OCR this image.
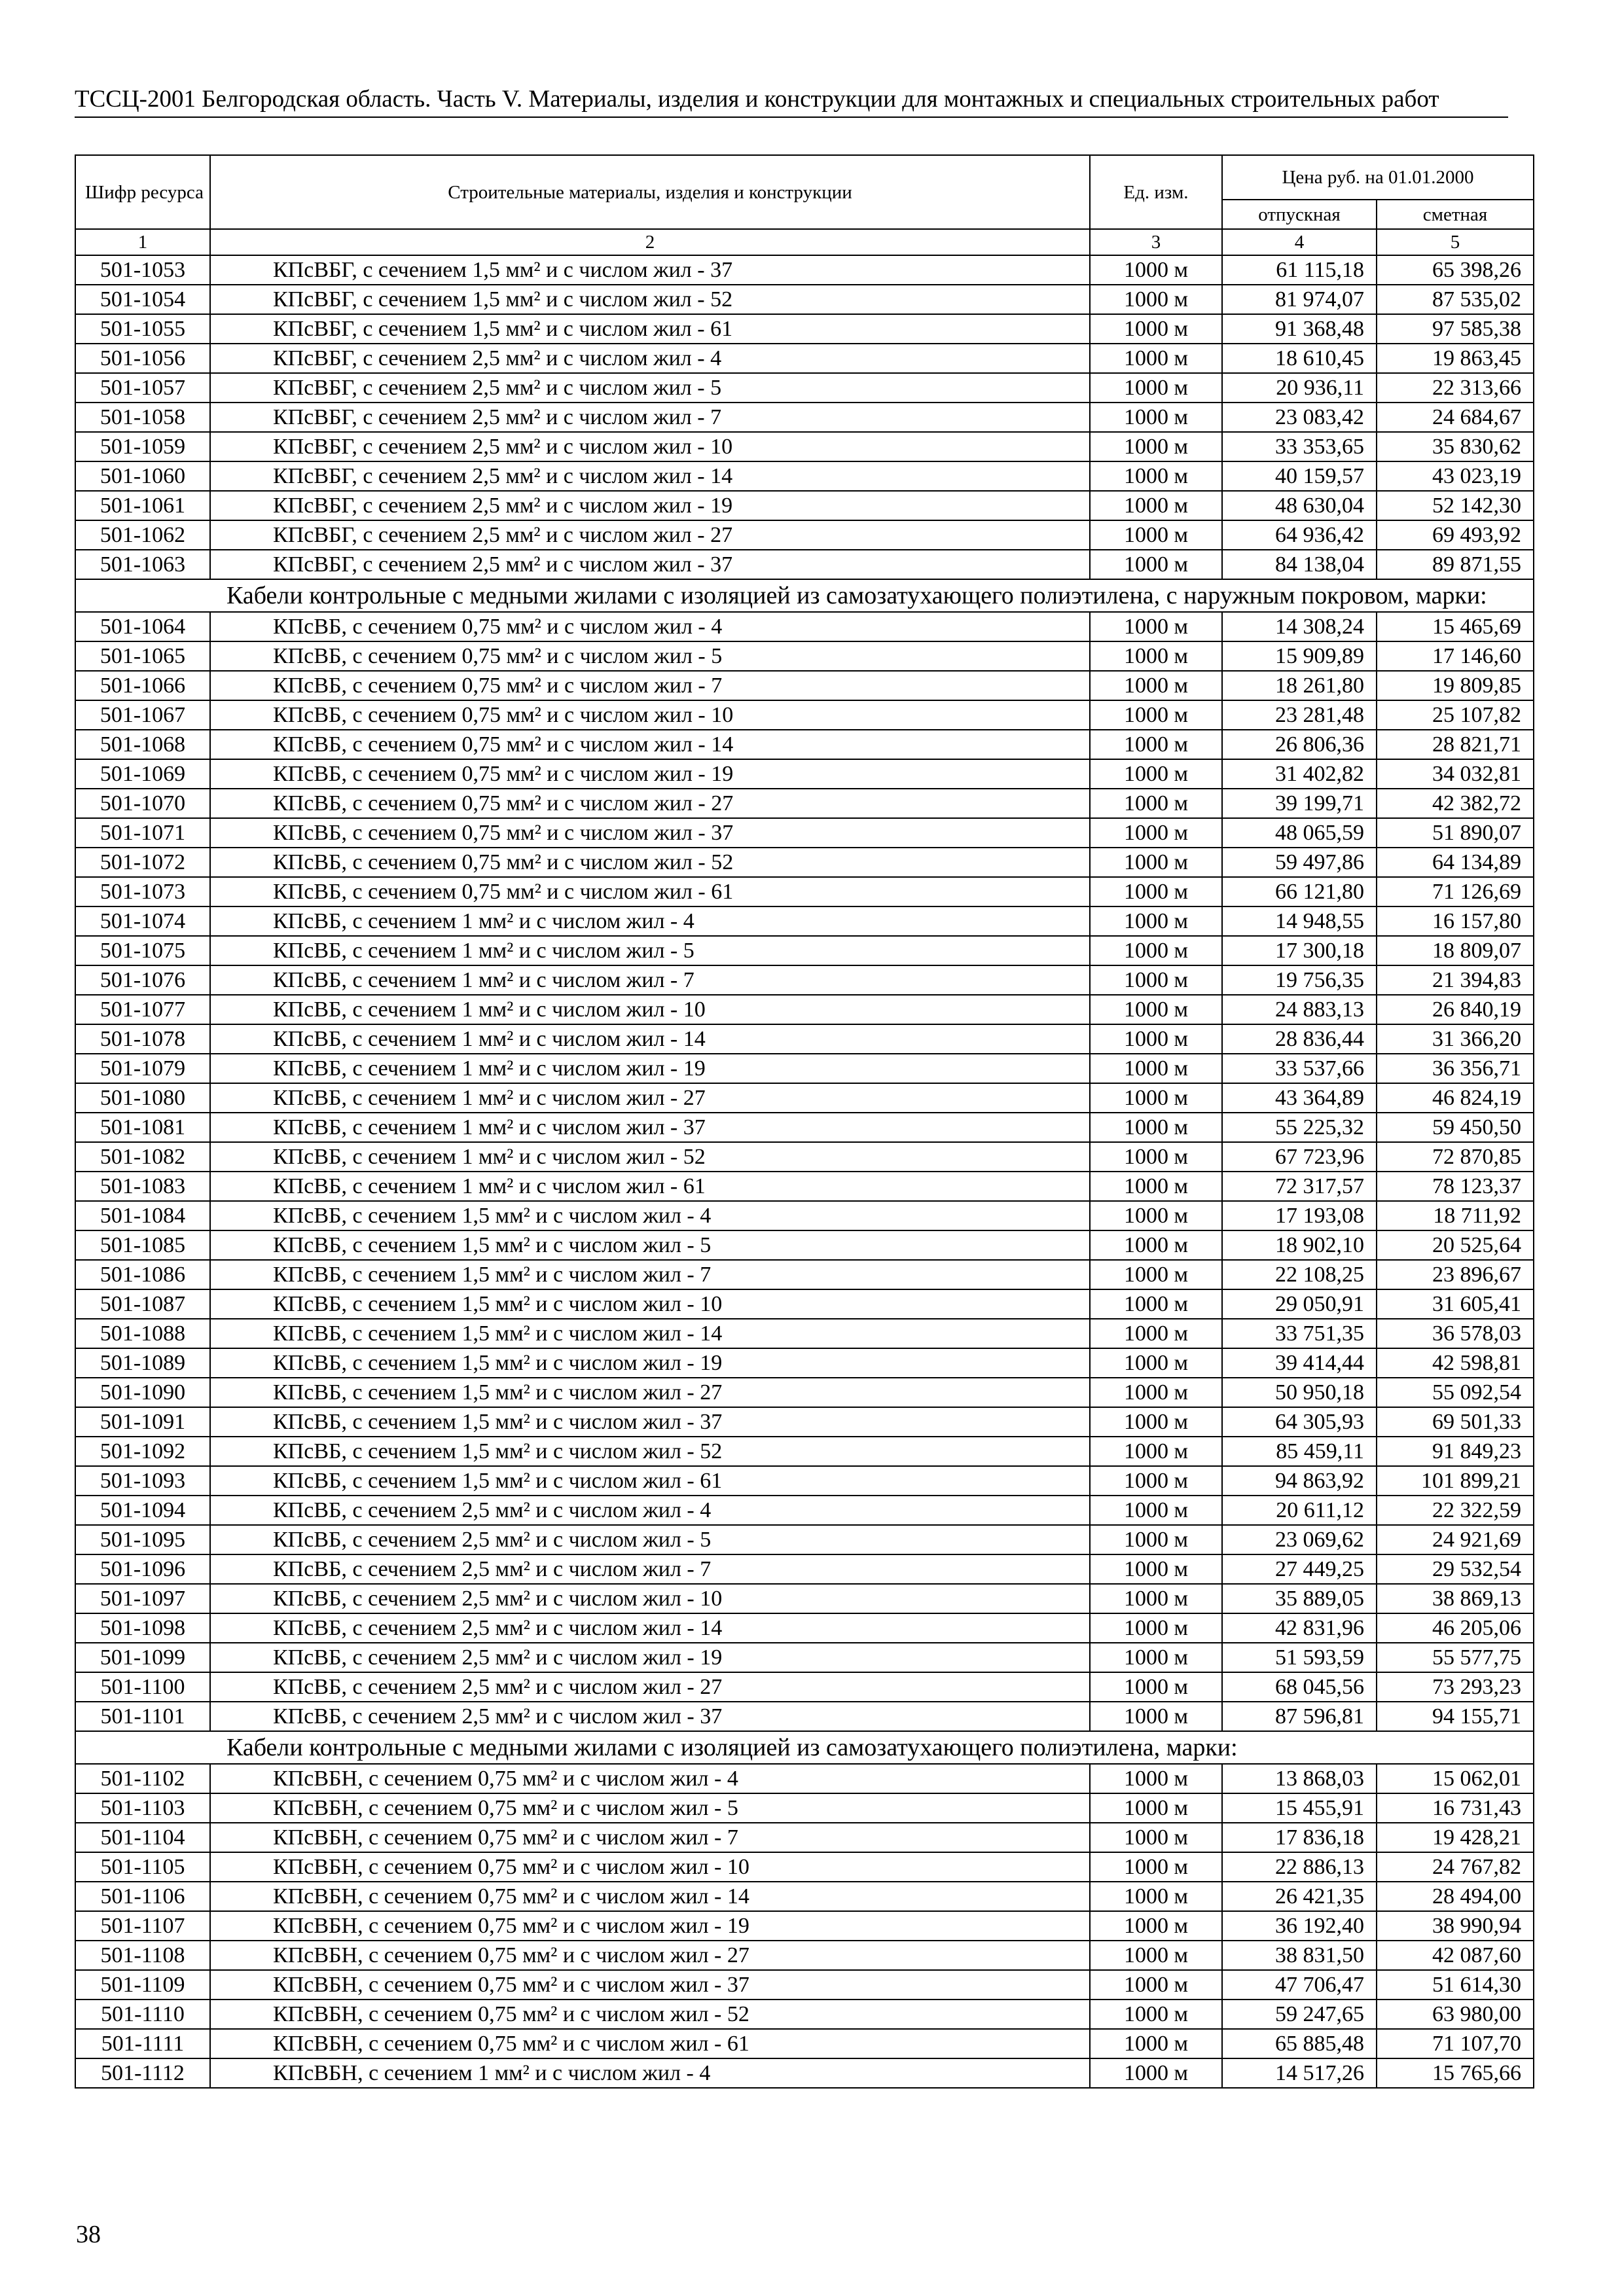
ТССЦ-2001 Белгородская область. Часть V. Материалы, изделия и конструкции для монтажных и специальных строительных работ
Шифр ресурса	Строительные материалы, изделия и конструкции	Ед. изм.	Цена руб. на 01.01.2000	
			отпускная	сметная
1	2	3	4	5
501-1053	КПсВБГ, с сечением 1,5 мм² и с числом жил - 37	1000 м	61 115,18	65 398,26
501-1054	КПсВБГ, с сечением 1,5 мм² и с числом жил - 52	1000 м	81 974,07	87 535,02
501-1055	КПсВБГ, с сечением 1,5 мм² и с числом жил - 61	1000 м	91 368,48	97 585,38
501-1056	КПсВБГ, с сечением 2,5 мм² и с числом жил - 4	1000 м	18 610,45	19 863,45
501-1057	КПсВБГ, с сечением 2,5 мм² и с числом жил - 5	1000 м	20 936,11	22 313,66
501-1058	КПсВБГ, с сечением 2,5 мм² и с числом жил - 7	1000 м	23 083,42	24 684,67
501-1059	КПсВБГ, с сечением 2,5 мм² и с числом жил - 10	1000 м	33 353,65	35 830,62
501-1060	КПсВБГ, с сечением 2,5 мм² и с числом жил - 14	1000 м	40 159,57	43 023,19
501-1061	КПсВБГ, с сечением 2,5 мм² и с числом жил - 19	1000 м	48 630,04	52 142,30
501-1062	КПсВБГ, с сечением 2,5 мм² и с числом жил - 27	1000 м	64 936,42	69 493,92
501-1063	КПсВБГ, с сечением 2,5 мм² и с числом жил - 37	1000 м	84 138,04	89 871,55
Кабели контрольные с медными жилами с изоляцией из самозатухающего полиэтилена, с наружным покровом, марки:				
501-1064	КПсВБ, с сечением 0,75 мм² и с числом жил - 4	1000 м	14 308,24	15 465,69
501-1065	КПсВБ, с сечением 0,75 мм² и с числом жил - 5	1000 м	15 909,89	17 146,60
501-1066	КПсВБ, с сечением 0,75 мм² и с числом жил - 7	1000 м	18 261,80	19 809,85
501-1067	КПсВБ, с сечением 0,75 мм² и с числом жил - 10	1000 м	23 281,48	25 107,82
501-1068	КПсВБ, с сечением 0,75 мм² и с числом жил - 14	1000 м	26 806,36	28 821,71
501-1069	КПсВБ, с сечением 0,75 мм² и с числом жил - 19	1000 м	31 402,82	34 032,81
501-1070	КПсВБ, с сечением 0,75 мм² и с числом жил - 27	1000 м	39 199,71	42 382,72
501-1071	КПсВБ, с сечением 0,75 мм² и с числом жил - 37	1000 м	48 065,59	51 890,07
501-1072	КПсВБ, с сечением 0,75 мм² и с числом жил - 52	1000 м	59 497,86	64 134,89
501-1073	КПсВБ, с сечением 0,75 мм² и с числом жил - 61	1000 м	66 121,80	71 126,69
501-1074	КПсВБ, с сечением 1 мм² и с числом жил - 4	1000 м	14 948,55	16 157,80
501-1075	КПсВБ, с сечением 1 мм² и с числом жил - 5	1000 м	17 300,18	18 809,07
501-1076	КПсВБ, с сечением 1 мм² и с числом жил - 7	1000 м	19 756,35	21 394,83
501-1077	КПсВБ, с сечением 1 мм² и с числом жил - 10	1000 м	24 883,13	26 840,19
501-1078	КПсВБ, с сечением 1 мм² и с числом жил - 14	1000 м	28 836,44	31 366,20
501-1079	КПсВБ, с сечением 1 мм² и с числом жил - 19	1000 м	33 537,66	36 356,71
501-1080	КПсВБ, с сечением 1 мм² и с числом жил - 27	1000 м	43 364,89	46 824,19
501-1081	КПсВБ, с сечением 1 мм² и с числом жил - 37	1000 м	55 225,32	59 450,50
501-1082	КПсВБ, с сечением 1 мм² и с числом жил - 52	1000 м	67 723,96	72 870,85
501-1083	КПсВБ, с сечением 1 мм² и с числом жил - 61	1000 м	72 317,57	78 123,37
501-1084	КПсВБ, с сечением 1,5 мм² и с числом жил - 4	1000 м	17 193,08	18 711,92
501-1085	КПсВБ, с сечением 1,5 мм² и с числом жил - 5	1000 м	18 902,10	20 525,64
501-1086	КПсВБ, с сечением 1,5 мм² и с числом жил - 7	1000 м	22 108,25	23 896,67
501-1087	КПсВБ, с сечением 1,5 мм² и с числом жил - 10	1000 м	29 050,91	31 605,41
501-1088	КПсВБ, с сечением 1,5 мм² и с числом жил - 14	1000 м	33 751,35	36 578,03
501-1089	КПсВБ, с сечением 1,5 мм² и с числом жил - 19	1000 м	39 414,44	42 598,81
501-1090	КПсВБ, с сечением 1,5 мм² и с числом жил - 27	1000 м	50 950,18	55 092,54
501-1091	КПсВБ, с сечением 1,5 мм² и с числом жил - 37	1000 м	64 305,93	69 501,33
501-1092	КПсВБ, с сечением 1,5 мм² и с числом жил - 52	1000 м	85 459,11	91 849,23
501-1093	КПсВБ, с сечением 1,5 мм² и с числом жил - 61	1000 м	94 863,92	101 899,21
501-1094	КПсВБ, с сечением 2,5 мм² и с числом жил - 4	1000 м	20 611,12	22 322,59
501-1095	КПсВБ, с сечением 2,5 мм² и с числом жил - 5	1000 м	23 069,62	24 921,69
501-1096	КПсВБ, с сечением 2,5 мм² и с числом жил - 7	1000 м	27 449,25	29 532,54
501-1097	КПсВБ, с сечением 2,5 мм² и с числом жил - 10	1000 м	35 889,05	38 869,13
501-1098	КПсВБ, с сечением 2,5 мм² и с числом жил - 14	1000 м	42 831,96	46 205,06
501-1099	КПсВБ, с сечением 2,5 мм² и с числом жил - 19	1000 м	51 593,59	55 577,75
501-1100	КПсВБ, с сечением 2,5 мм² и с числом жил - 27	1000 м	68 045,56	73 293,23
501-1101	КПсВБ, с сечением 2,5 мм² и с числом жил - 37	1000 м	87 596,81	94 155,71
Кабели контрольные с медными жилами с изоляцией из самозатухающего полиэтилена, марки:				
501-1102	КПсВБН, с сечением 0,75 мм² и с числом жил - 4	1000 м	13 868,03	15 062,01
501-1103	КПсВБН, с сечением 0,75 мм² и с числом жил - 5	1000 м	15 455,91	16 731,43
501-1104	КПсВБН, с сечением 0,75 мм² и с числом жил - 7	1000 м	17 836,18	19 428,21
501-1105	КПсВБН, с сечением 0,75 мм² и с числом жил - 10	1000 м	22 886,13	24 767,82
501-1106	КПсВБН, с сечением 0,75 мм² и с числом жил - 14	1000 м	26 421,35	28 494,00
501-1107	КПсВБН, с сечением 0,75 мм² и с числом жил - 19	1000 м	36 192,40	38 990,94
501-1108	КПсВБН, с сечением 0,75 мм² и с числом жил - 27	1000 м	38 831,50	42 087,60
501-1109	КПсВБН, с сечением 0,75 мм² и с числом жил - 37	1000 м	47 706,47	51 614,30
501-1110	КПсВБН, с сечением 0,75 мм² и с числом жил - 52	1000 м	59 247,65	63 980,00
501-1111	КПсВБН, с сечением 0,75 мм² и с числом жил - 61	1000 м	65 885,48	71 107,70
501-1112	КПсВБН, с сечением 1 мм² и с числом жил - 4	1000 м	14 517,26	15 765,66
38
